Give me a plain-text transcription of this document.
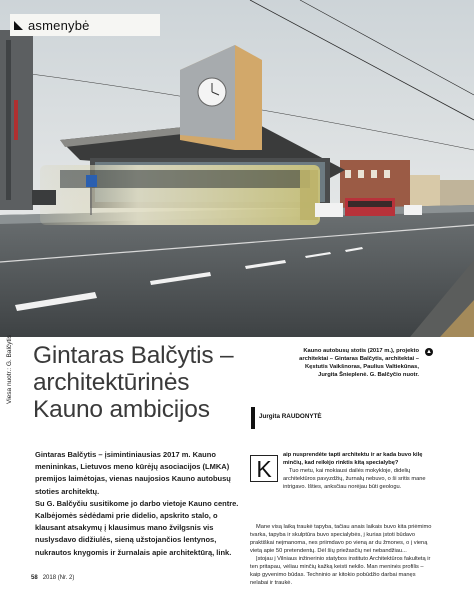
asmenybė
Viesa nuotr.: G. Balčytis Gintaras Balčytis –
architektūrinės
Kauno ambicijos
Kauno autobusų stotis (2017 m.), projekto architektai – Gintaras Balčytis, architektai – Kęstutis Vaikšnoras, Paulius Valtiekūnas, Jurgita Šnieplenė. G. Balčyčio nuotr.
▲
Jurgita RAUDONYTĖ

Gintaras Balčytis – įsimintiniausias 2017 m. Kauno menininkas, Lietuvos meno kūrėjų asociacijos (LMKA) premijos laimėtojas, vienas naujosios Kauno autobusų stoties architektų.

Su G. Balčyčiu susitikome jo darbo vietoje Kauno centre. Kalbėjomės sėdėdami prie didelio, apskrito stalo, o klausant atsakymų į klausimus mano žvilgsnis vis nuslysdavo didžiulės, sieną užstojančios lentynos, nukrautos knygomis ir žurnalais apie architektūrą, link.

K
aip nusprendėte tapti architektu ir ar kada buvo kilę minčių, kad reikėjo rinktis kitą specialybę?
Tuo metu, kai mokiausi dailės mokykloje, didelių architektūros pavyzdžių, žurnalų nebuvo, o ši sritis mane intrigavo. Išties, anksčiau norėjau būti geologu.
Mane visą laiką traukė tapyba, tačiau anais laikais buvo kita priėmimo tvarka, tapyba ir skulptūra buvo specialybės, į kurias įstoti būdavo praktiškai neįmanoma, nes priimdavo po vieną ar du žmones, o į vieną vietą apie 50 pretendentų. Dėl šių priežasčių nei nebandžiau...
Įstojau į Vilniaus inžinerinio statybos instituto Architektūros fakultetą ir ten pritapau, vėliau minčių kažką keisti nekilo. Man meninės profilis – kaip gyvenimo būdas. Techninio ar kitokio pobūdžio darbai manęs nelabai ir traukė.
58 2018 (Nr. 2)
